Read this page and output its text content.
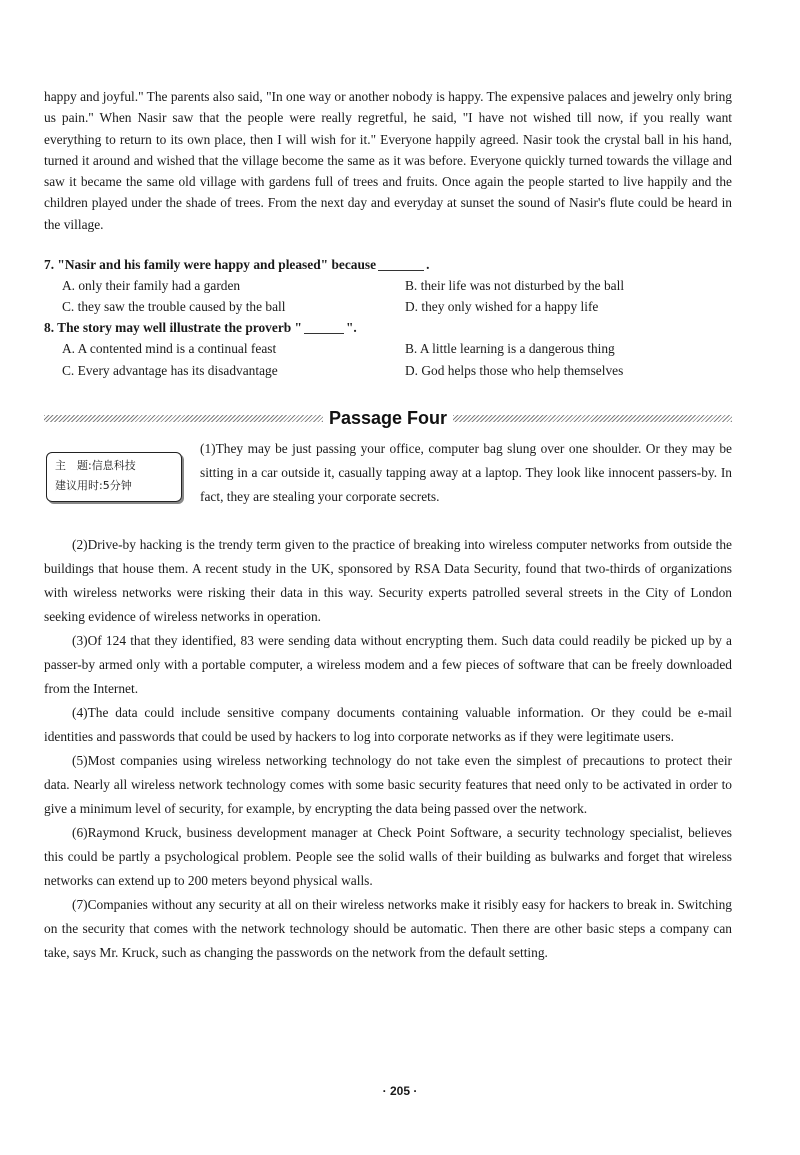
happy and joyful." The parents also said, "In one way or another nobody is happy. The expensive palaces and jewelry only bring us pain." When Nasir saw that the people were really regretful, he said, "I have not wished till now, if you really want everything to return to its own place, then I will wish for it." Everyone happily agreed. Nasir took the crystal ball in his hand, turned it around and wished that the village become the same as it was before. Everyone quickly turned towards the village and saw it became the same old village with gardens full of trees and fruits. Once again the people started to live happily and the children played under the shade of trees. From the next day and everyday at sunset the sound of Nasir's flute could be heard in the village.
7. "Nasir and his family were happy and pleased" because	.
A. only their family had a garden	B. their life was not disturbed by the ball
C. they saw the trouble caused by the ball	D. they only wished for a happy life
8. The story may well illustrate the proverb "	".
A. A contented mind is a continual feast	B. A little learning is a dangerous thing
C. Every advantage has its disadvantage	D. God helps those who help themselves
Passage Four
主　题:信息科技
建议用时:5分钟
(1)They may be just passing your office, computer bag slung over one shoulder. Or they may be sitting in a car outside it, casually tapping away at a laptop. They look like innocent passers-by. In fact, they are stealing your corporate secrets.

(2)Drive-by hacking is the trendy term given to the practice of breaking into wireless computer networks from outside the buildings that house them. A recent study in the UK, sponsored by RSA Data Security, found that two-thirds of organizations with wireless networks were risking their data in this way. Security experts patrolled several streets in the City of London seeking evidence of wireless networks in operation.

(3)Of 124 that they identified, 83 were sending data without encrypting them. Such data could readily be picked up by a passer-by armed only with a portable computer, a wireless modem and a few pieces of software that can be freely downloaded from the Internet.

(4)The data could include sensitive company documents containing valuable information. Or they could be e-mail identities and passwords that could be used by hackers to log into corporate networks as if they were legitimate users.

(5)Most companies using wireless networking technology do not take even the simplest of precautions to protect their data. Nearly all wireless network technology comes with some basic security features that need only to be activated in order to give a minimum level of security, for example, by encrypting the data being passed over the network.

(6)Raymond Kruck, business development manager at Check Point Software, a security technology specialist, believes this could be partly a psychological problem. People see the solid walls of their building as bulwarks and forget that wireless networks can extend up to 200 meters beyond physical walls.

(7)Companies without any security at all on their wireless networks make it risibly easy for hackers to break in. Switching on the security that comes with the network technology should be automatic. Then there are other basic steps a company can take, says Mr. Kruck, such as changing the passwords on the network from the default setting.

· 205 ·
